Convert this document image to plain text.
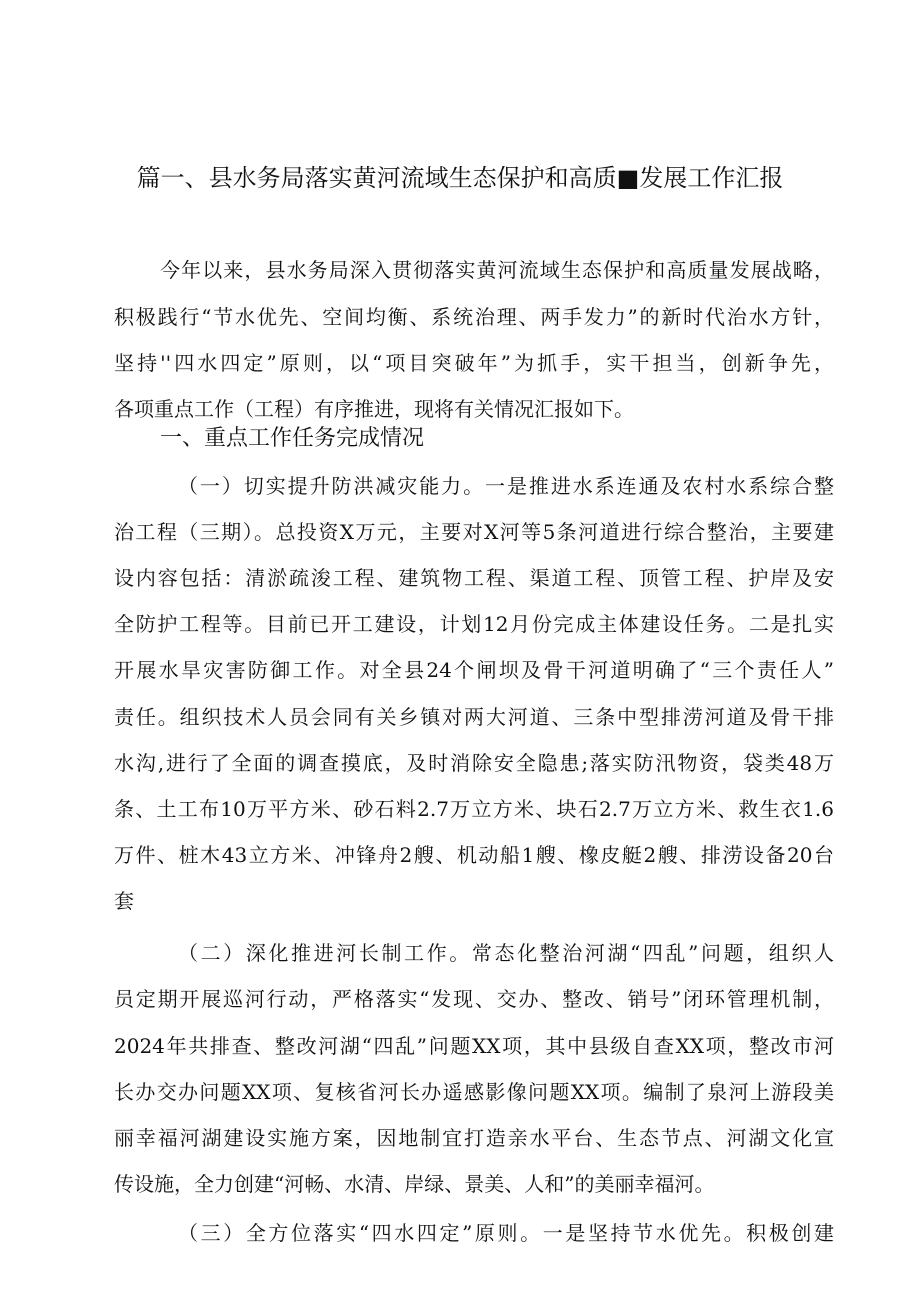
篇一、县水务局落实黄河流域生态保护和高质■发展工作汇报
今年以来，县水务局深入贯彻落实黄河流域生态保护和高质量发展战略，
积极践行“节水优先、空间均衡、系统治理、两手发力”的新时代治水方针，
坚持''四水四定”原则，以“项目突破年”为抓手，实干担当，创新争先，
各项重点工作（工程）有序推进，现将有关情况汇报如下。
一、重点工作任务完成情况
（一）切实提升防洪减灾能力。一是推进水系连通及农村水系综合整
治工程（三期）。总投资X万元，主要对X河等5条河道进行综合整治，主要建
设内容包括：清淤疏浚工程、建筑物工程、渠道工程、顶管工程、护岸及安
全防护工程等。目前已开工建设，计划12月份完成主体建设任务。二是扎实
开展水旱灾害防御工作。对全县24个闸坝及骨干河道明确了“三个责任人”
责任。组织技术人员会同有关乡镇对两大河道、三条中型排涝河道及骨干排
水沟,进行了全面的调查摸底，及时消除安全隐患;落实防汛物资，袋类48万
条、土工布10万平方米、砂石料2.7万立方米、块石2.7万立方米、救生衣1.6
万件、桩木43立方米、冲锋舟2艘、机动船1艘、橡皮艇2艘、排涝设备20台
套
（二）深化推进河长制工作。常态化整治河湖“四乱”问题，组织人
员定期开展巡河行动，严格落实“发现、交办、整改、销号”闭环管理机制，
2024年共排查、整改河湖“四乱”问题XX项，其中县级自查XX项，整改市河
长办交办问题XX项、复核省河长办遥感影像问题XX项。编制了泉河上游段美
丽幸福河湖建设实施方案，因地制宜打造亲水平台、生态节点、河湖文化宣
传设施，全力创建“河畅、水清、岸绿、景美、人和”的美丽幸福河。
（三）全方位落实“四水四定”原则。一是坚持节水优先。积极创建
